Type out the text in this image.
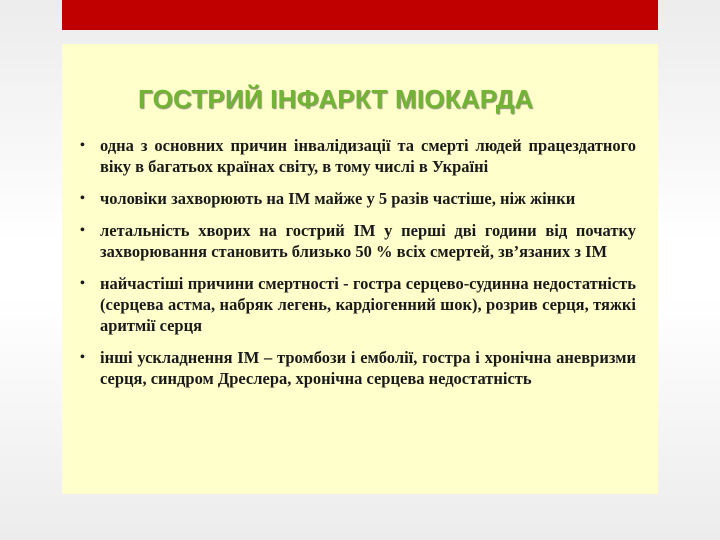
ГОСТРИЙ ІНФАРКТ МІОКАРДА
• одна з основних причин інвалідизації та смерті людей працездатного віку в багатьох країнах світу, в тому числі в Україні
• чоловіки захворюють на ІМ майже у 5 разів частіше, ніж жінки
• летальність хворих на гострий ІМ у перші дві години від початку захворювання становить близько 50 % всіх смертей, зв’язаних з ІМ
• найчастіші причини смертності - гостра серцево-судинна недостатність (серцева астма, набряк легень, кардіогенний шок), розрив серця, тяжкі аритмії серця
• інші ускладнення ІМ – тромбози і емболії, гостра і хронічна аневризми серця, синдром Дреслера, хронічна серцева недостатність
